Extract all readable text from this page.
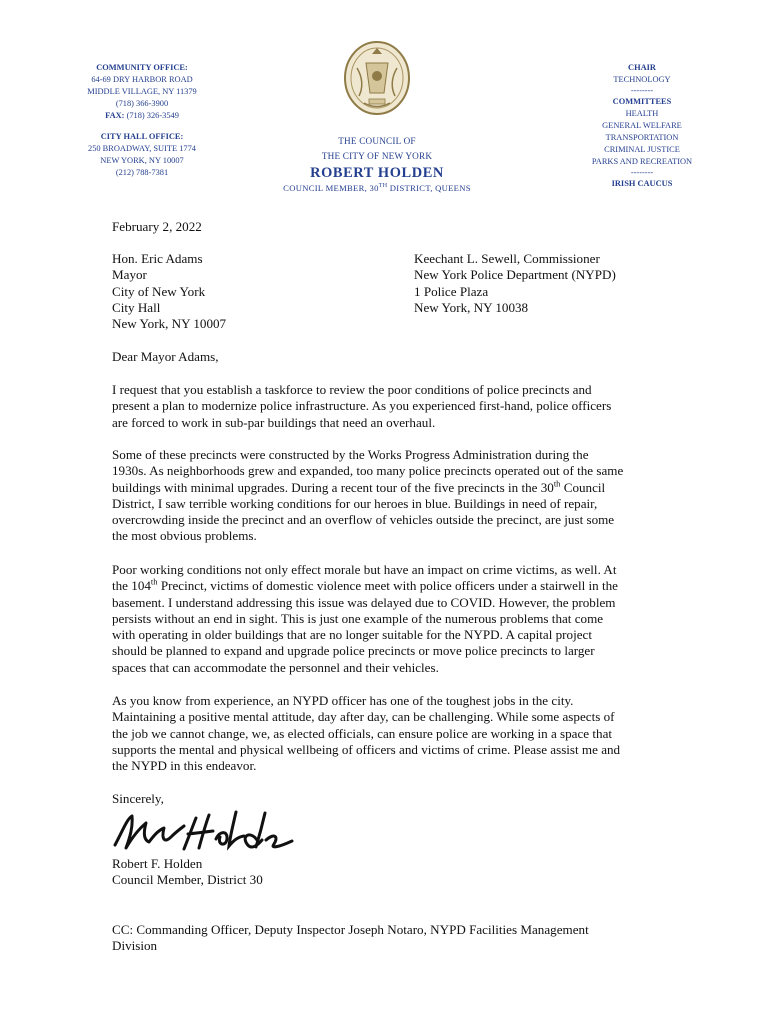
COMMUNITY OFFICE:
64-69 DRY HARBOR ROAD
MIDDLE VILLAGE, NY 11379
(718) 366-3900
FAX: (718) 326-3549
CITY HALL OFFICE:
250 BROADWAY, SUITE 1774
NEW YORK, NY 10007
(212) 788-7381
THE COUNCIL OF
THE CITY OF NEW YORK
ROBERT HOLDEN
COUNCIL MEMBER, 30TH DISTRICT, QUEENS
CHAIR
TECHNOLOGY
--------
COMMITTEES
HEALTH
GENERAL WELFARE
TRANSPORTATION
CRIMINAL JUSTICE
PARKS AND RECREATION
--------
IRISH CAUCUS
February 2, 2022
Hon. Eric Adams
Mayor
City of New York
City Hall
New York, NY 10007
Keechant L. Sewell, Commissioner
New York Police Department (NYPD)
1 Police Plaza
New York, NY 10038
Dear Mayor Adams,
I request that you establish a taskforce to review the poor conditions of police precincts and
present a plan to modernize police infrastructure. As you experienced first-hand, police officers
are forced to work in sub-par buildings that need an overhaul.
Some of these precincts were constructed by the Works Progress Administration during the
1930s. As neighborhoods grew and expanded, too many police precincts operated out of the same
buildings with minimal upgrades. During a recent tour of the five precincts in the 30th Council
District, I saw terrible working conditions for our heroes in blue. Buildings in need of repair,
overcrowding inside the precinct and an overflow of vehicles outside the precinct, are just some
the most obvious problems.
Poor working conditions not only effect morale but have an impact on crime victims, as well. At
the 104th Precinct, victims of domestic violence meet with police officers under a stairwell in the
basement. I understand addressing this issue was delayed due to COVID. However, the problem
persists without an end in sight. This is just one example of the numerous problems that come
with operating in older buildings that are no longer suitable for the NYPD. A capital project
should be planned to expand and upgrade police precincts or move police precincts to larger
spaces that can accommodate the personnel and their vehicles.
As you know from experience, an NYPD officer has one of the toughest jobs in the city.
Maintaining a positive mental attitude, day after day, can be challenging. While some aspects of
the job we cannot change, we, as elected officials, can ensure police are working in a space that
supports the mental and physical wellbeing of officers and victims of crime. Please assist me and
the NYPD in this endeavor.
Sincerely,
Robert F. Holden
Council Member, District 30
CC: Commanding Officer, Deputy Inspector Joseph Notaro, NYPD Facilities Management
Division
